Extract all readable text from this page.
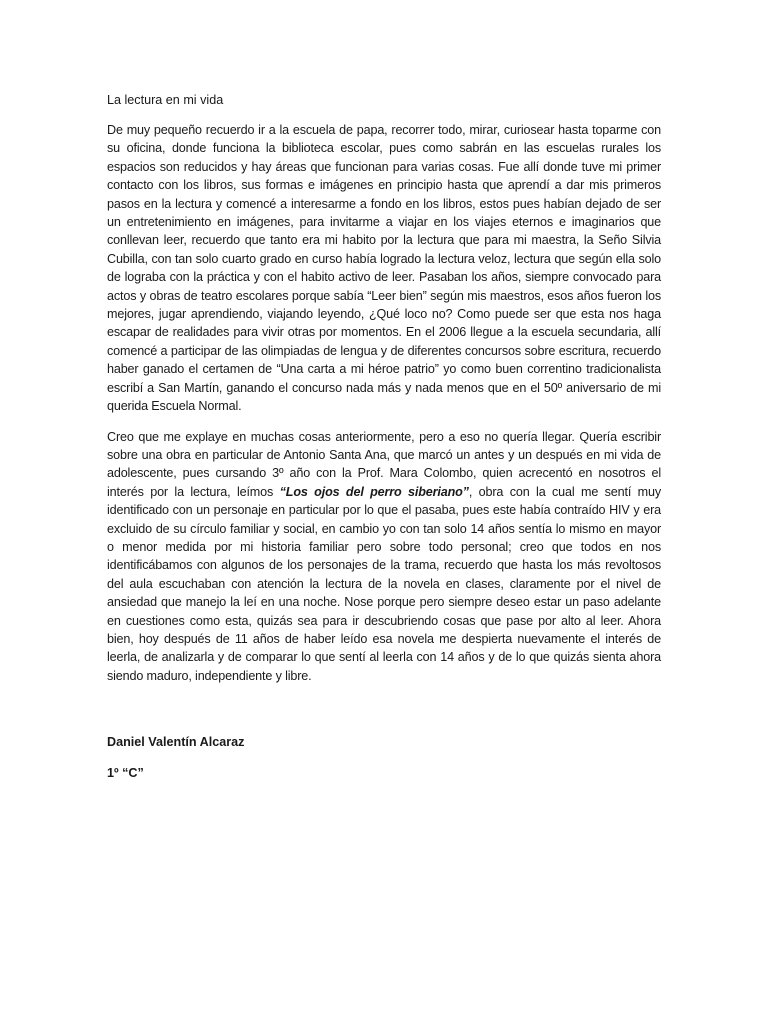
La lectura en mi vida

De muy pequeño recuerdo ir a la escuela de papa, recorrer todo, mirar, curiosear hasta toparme con su oficina, donde funciona la biblioteca escolar, pues como sabrán en las escuelas rurales los espacios son reducidos y hay áreas que funcionan para varias cosas. Fue allí donde tuve mi primer contacto con los libros, sus formas e imágenes en principio hasta que aprendí a dar mis primeros pasos en la lectura y comencé a interesarme a fondo en los libros, estos pues habían dejado de ser un entretenimiento en imágenes, para invitarme a viajar en los viajes eternos e imaginarios que conllevan leer, recuerdo que tanto era mi habito por la lectura que para mi maestra, la Seño Silvia Cubilla, con tan solo cuarto grado en curso había logrado la lectura veloz, lectura que según ella solo de lograba con la práctica y con el habito activo de leer. Pasaban los años, siempre convocado para actos y obras de teatro escolares porque sabía “Leer bien” según mis maestros, esos años fueron los mejores, jugar aprendiendo, viajando leyendo, ¿Qué loco no? Como puede ser que esta nos haga escapar de realidades para vivir otras por momentos. En el 2006 llegue a la escuela secundaria, allí comencé a participar de las olimpiadas de lengua y de diferentes concursos sobre escritura, recuerdo haber ganado el certamen de “Una carta a mi héroe patrio” yo como buen correntino tradicionalista escribí a San Martín, ganando el concurso nada más y nada menos que en el 50º aniversario de mi querida Escuela Normal.

Creo que me explaye en muchas cosas anteriormente, pero a eso no quería llegar. Quería escribir sobre una obra en particular de Antonio Santa Ana, que marcó un antes y un después en mi vida de adolescente, pues cursando 3º año con la Prof. Mara Colombo, quien acrecentó en nosotros el interés por la lectura, leímos “Los ojos del perro siberiano”, obra con la cual me sentí muy identificado con un personaje en particular por lo que el pasaba, pues este había contraído HIV y era excluido de su círculo familiar y social, en cambio yo con tan solo 14 años sentía lo mismo en mayor o menor medida por mi historia familiar pero sobre todo personal; creo que todos en nos identificábamos con algunos de los personajes de la trama, recuerdo que hasta los más revoltosos del aula escuchaban con atención la lectura de la novela en clases, claramente por el nivel de ansiedad que manejo la leí en una noche. Nose porque pero siempre deseo estar un paso adelante en cuestiones como esta, quizás sea para ir descubriendo cosas que pase por alto al leer. Ahora bien, hoy después de 11 años de haber leído esa novela me despierta nuevamente el interés de leerla, de analizarla y de comparar lo que sentí al leerla con 14 años y de lo que quizás sienta ahora siendo maduro, independiente y libre.

Daniel Valentín Alcaraz

1º “C”
